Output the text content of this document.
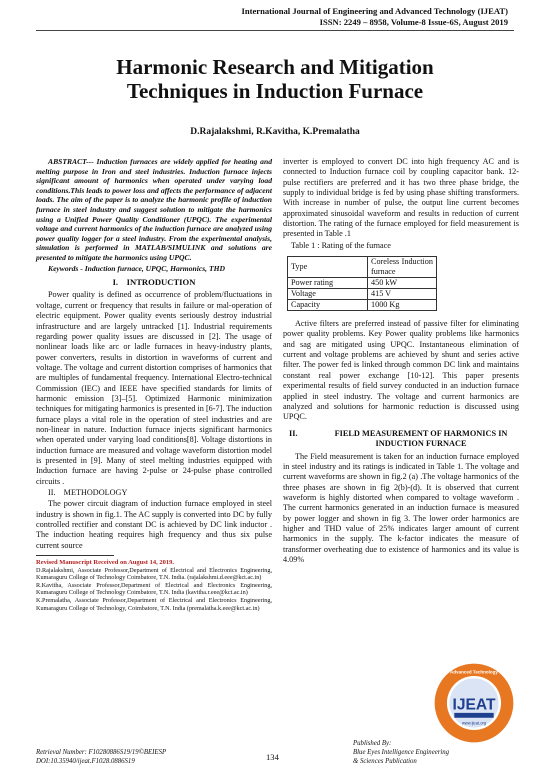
International Journal of Engineering and Advanced Technology (IJEAT)
ISSN: 2249 – 8958, Volume-8 Issue-6S, August 2019
Harmonic Research and Mitigation
Techniques in Induction Furnace
D.Rajalakshmi, R.Kavitha, K.Premalatha

ABSTRACT--- Induction furnaces are widely applied for heating and melting purpose in Iron and steel industries. Induction furnace injects significant amount of harmonics when operated under varying load conditions.This leads to power loss and affects the performance of adjacent loads. The aim of the paper is to analyze the harmonic profile of induction furnace in steel industry and suggest solution to mitigate the harmonics using a Unified Power Quality Conditioner (UPQC). The experimental voltage and current harmonics of the induction furnace are analyzed using power quality logger for a steel industry. From the experimental analysis, simulation is performed in MATLAB/SIMULINK and solutions are presented to mitigate the harmonics using UPQC.

Keywords - Induction furnace, UPQC, Harmonics, THD

I.    INTRODUCTION

Power quality is defined as occurrence of problem/fluctuations in voltage, current or frequency that results in failure or mal-operation of electric equipment. Power quality events seriously destroy industrial infrastructure and are largely untracked [1]. Industrial requirements regarding power quality issues are discussed in [2]. The usage of nonlinear loads like arc or ladle furnaces in heavy-industry plants, power converters, results in distortion in waveforms of current and voltage. The voltage and current distortion comprises of harmonics that are multiples of fundamental frequency. International Electro-technical Commission (IEC) and IEEE have specified standards for limits of harmonic emission [3]–[5]. Optimized Harmonic minimization techniques for mitigating harmonics is presented in [6-7]. The induction furnace plays a vital role in the operation of steel industries and are non-linear in nature. Induction furnace injects significant harmonics when operated under varying load conditions[8]. Voltage distortions in induction furnace are measured and voltage waveform distortion model is presented in [9]. Many of steel melting industries equipped with Induction furnace are having 2-pulse or 24-pulse phase controlled circuits .

II.    METHODOLOGY

The power circuit diagram of induction furnace employed in steel industry is shown in fig.1. The AC supply is converted into DC by fully controlled rectifier and constant DC is achieved by DC link inductor . The induction heating requires high frequency and thus six pulse current source

Revised Manuscript Received on August 14, 2019.
D.Rajalakshmi, Associate Professor,Department of Electrical and Electronics Engineering, Kumaraguru College of Technology Coimbatore, T.N. India. (rajalakshmi.d.eee@kct.ac.in)
R.Kavitha, Associate Professor,Department of Electrical and Electronics Engineering, Kumaraguru College of Technology Coimbatore, T.N. India (kavitha.r.eee@kct.ac.in)
K.Premalatha, Associate Professor,Department of Electrical and Electronics Engineering, Kumaraguru College of Technology, Coimbatore, T.N. India (premalatha.k.eee@kct.ac.in)

inverter is employed to convert DC into high frequency AC and is connected to Induction furnace coil by coupling capacitor bank. 12-pulse rectifiers are preferred and it has two three phase bridge, the supply to individual bridge is fed by using phase shifting transformers. With increase in number of pulse, the output line current becomes approximated sinusoidal waveform and results in reduction of current distortion. The rating of the furnace employed for field measurement is presented in Table .1

Table 1 : Rating of the furnace
Type	Coreless Induction furnace
Power rating	450 kW
Voltage	415 V
Capacity	1000 Kg

Active filters are preferred instead of passive filter for eliminating power quality problems. Key Power quality problems like harmonics and sag are mitigated using UPQC. Instantaneous elimination of current and voltage problems are achieved by shunt and series active filter. The power fed is linked through common DC link and maintains constant real power exchange [10-12]. This paper presents experimental results of field survey conducted in an induction furnace applied in steel industry. The voltage and current harmonics are analyzed and solutions for harmonic reduction is discussed using UPQC.

II.	FIELD MEASUREMENT OF HARMONICS IN INDUCTION FURNACE

The Field measurement is taken for an induction furnace employed in steel industry and its ratings is indicated in Table 1. The voltage and current waveforms are shown in fig.2 (a) .The voltage harmonics of the three phases are shown in fig 2(b)-(d). It is observed that current waveform is highly distorted when compared to voltage waveform . The current harmonics generated in an induction furnace is measured by power logger and shown in fig 3. The lower order harmonics are higher and THD value of 25% indicates larger amount of current harmonics in the supply. The k-factor indicates the measure of transformer overheating due to existence of harmonics and its value is 4.09%

Retrieval Number: F10280886S19/19©BEIESP
DOI:10.35940/ijeat.F1028.0886S19	134
Published By:
Blue Eyes Intelligence Engineering
& Sciences Publication
IJEAT
www.ijeat.org
Advanced Technology
